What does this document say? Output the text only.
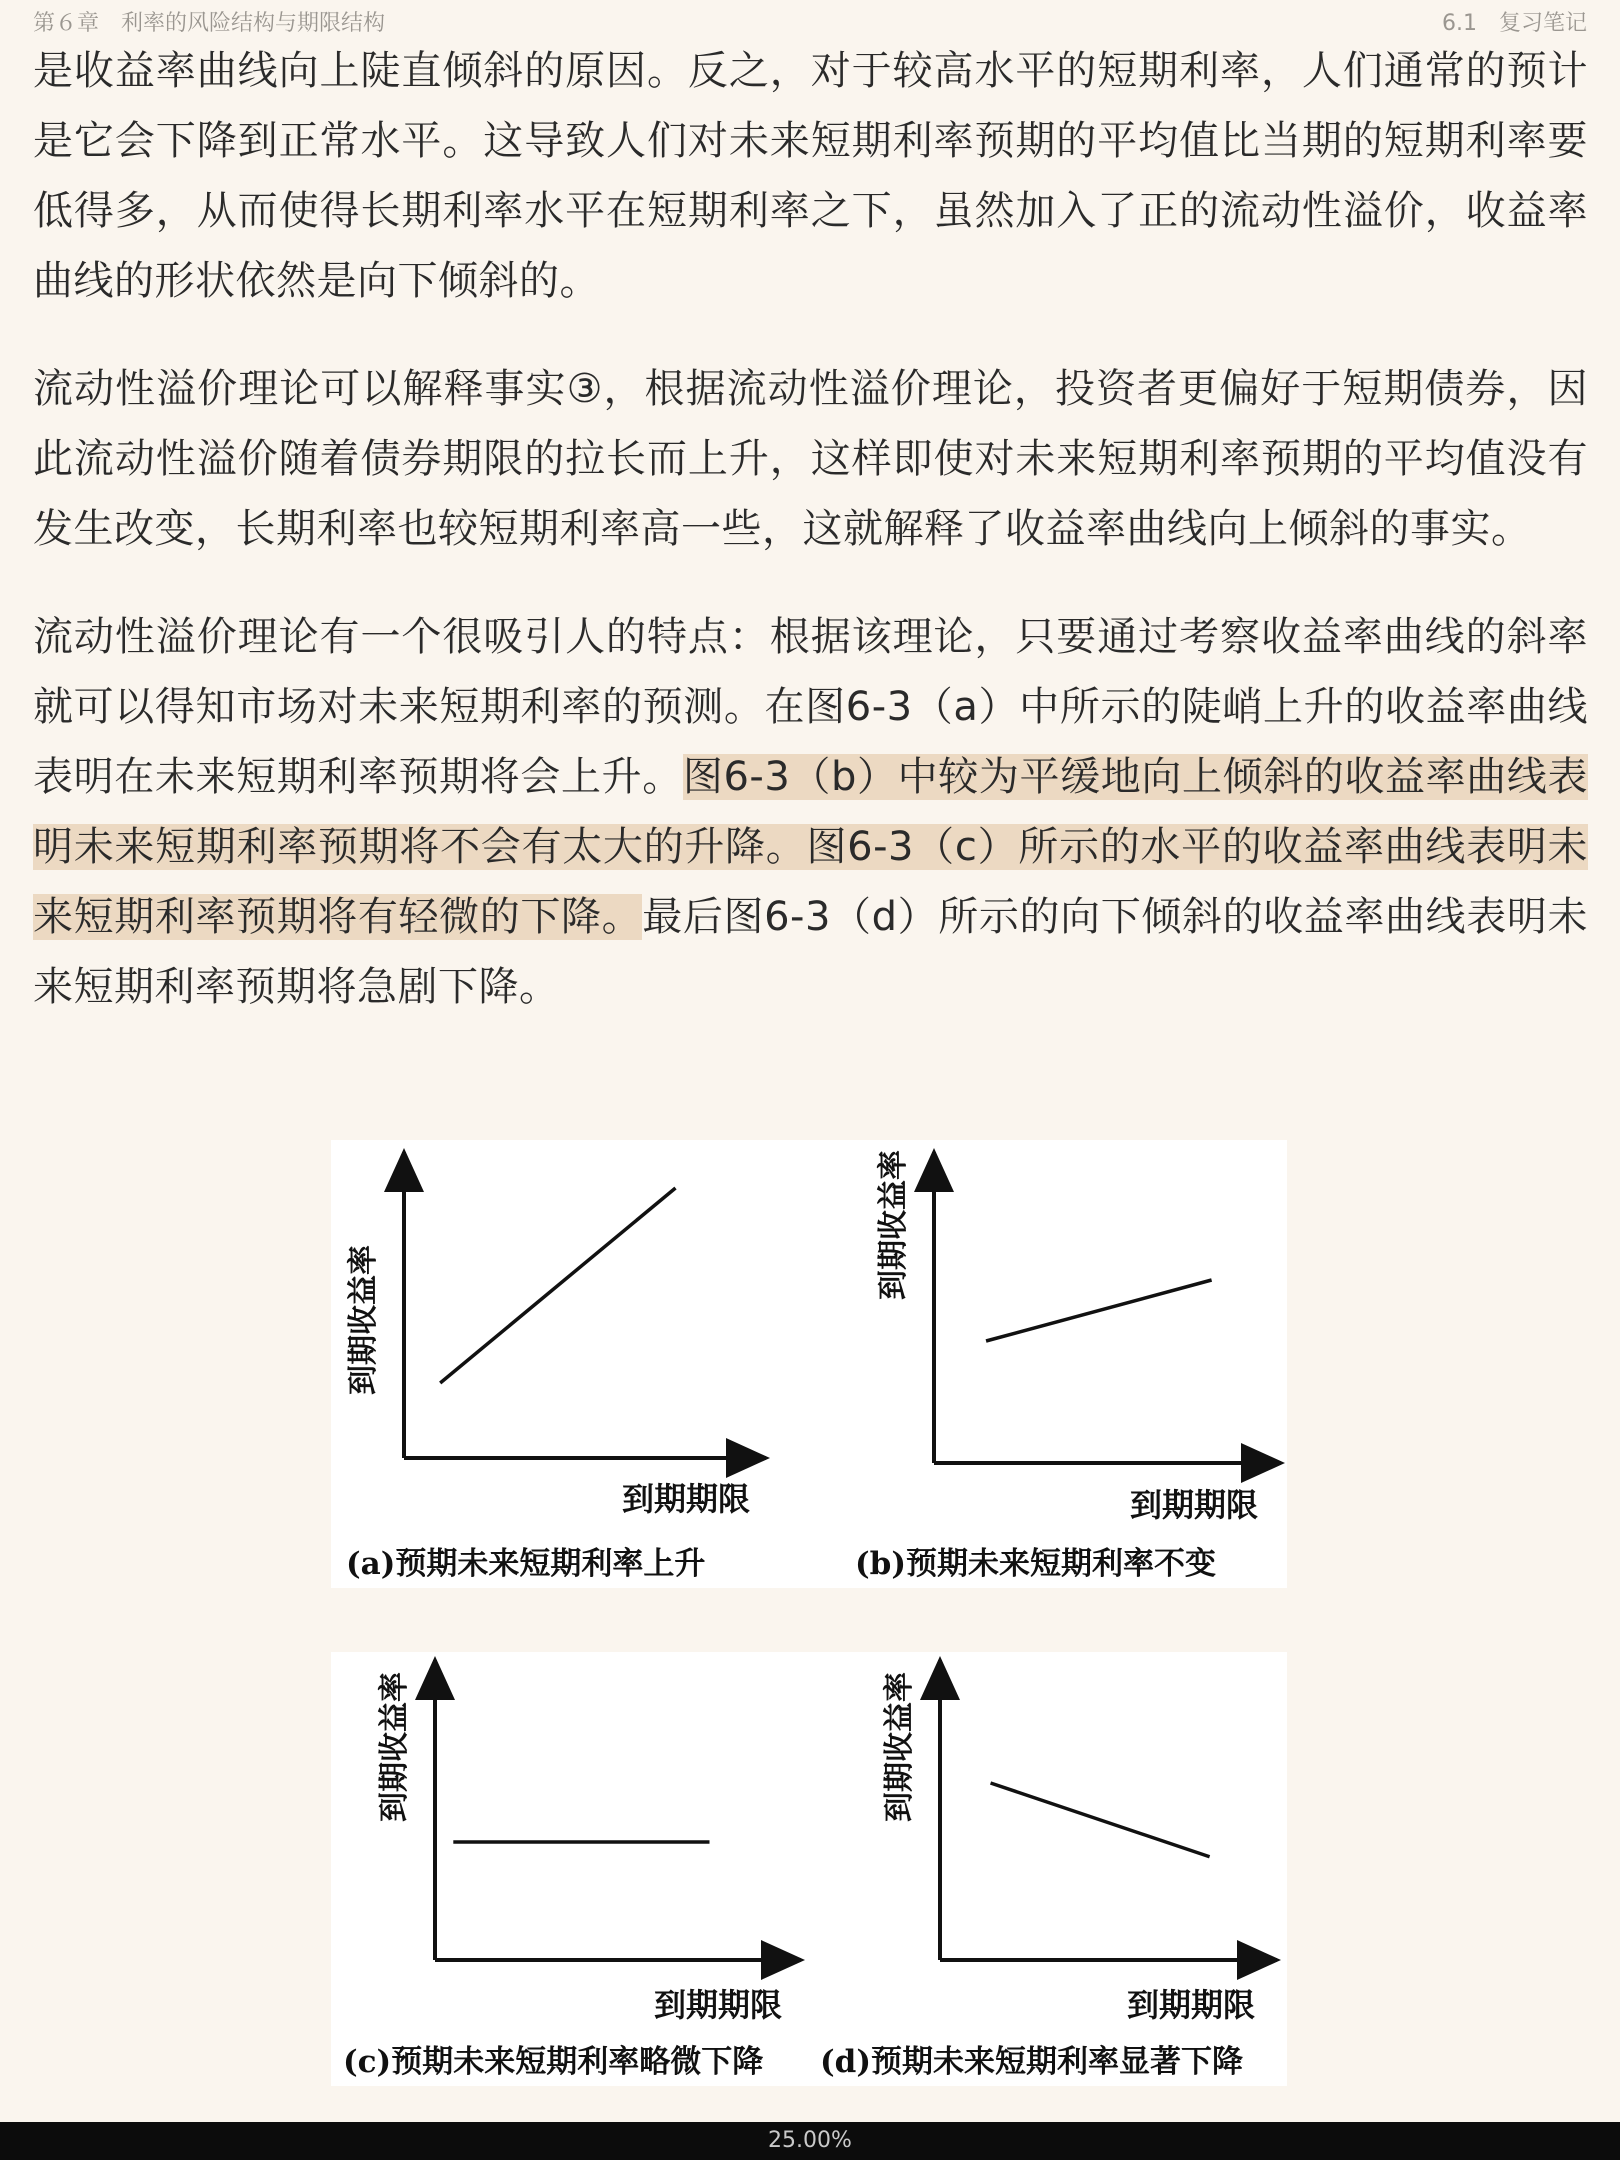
第６章　利率的风险结构与期限结构	6.1　复习笔记

是收益率曲线向上陡直倾斜的原因。反之，对于较高水平的短期利率，人们通常的预计是它会下降到正常水平。这导致人们对未来短期利率预期的平均值比当期的短期利率要低得多，从而使得长期利率水平在短期利率之下，虽然加入了正的流动性溢价，收益率曲线的形状依然是向下倾斜的。

流动性溢价理论可以解释事实③，根据流动性溢价理论，投资者更偏好于短期债券，因此流动性溢价随着债券期限的拉长而上升，这样即使对未来短期利率预期的平均值没有发生改变，长期利率也较短期利率高一些，这就解释了收益率曲线向上倾斜的事实。

流动性溢价理论有一个很吸引人的特点：根据该理论，只要通过考察收益率曲线的斜率就可以得知市场对未来短期利率的预测。在图6-3（a）中所示的陡峭上升的收益率曲线表明在未来短期利率预期将会上升。图6-3（b）中较为平缓地向上倾斜的收益率曲线表明未来短期利率预期将不会有太大的升降。图6-3（c）所示的水平的收益率曲线表明未来短期利率预期将有轻微的下降。最后图6-3（d）所示的向下倾斜的收益率曲线表明未来短期利率预期将急剧下降。

到期收益率
到期期限
(a)预期未来短期利率上升
到期收益率
到期期限
(b)预期未来短期利率不变
到期收益率
到期期限
(c)预期未来短期利率略微下降
到期收益率
到期期限
(d)预期未来短期利率显著下降
25.00%
